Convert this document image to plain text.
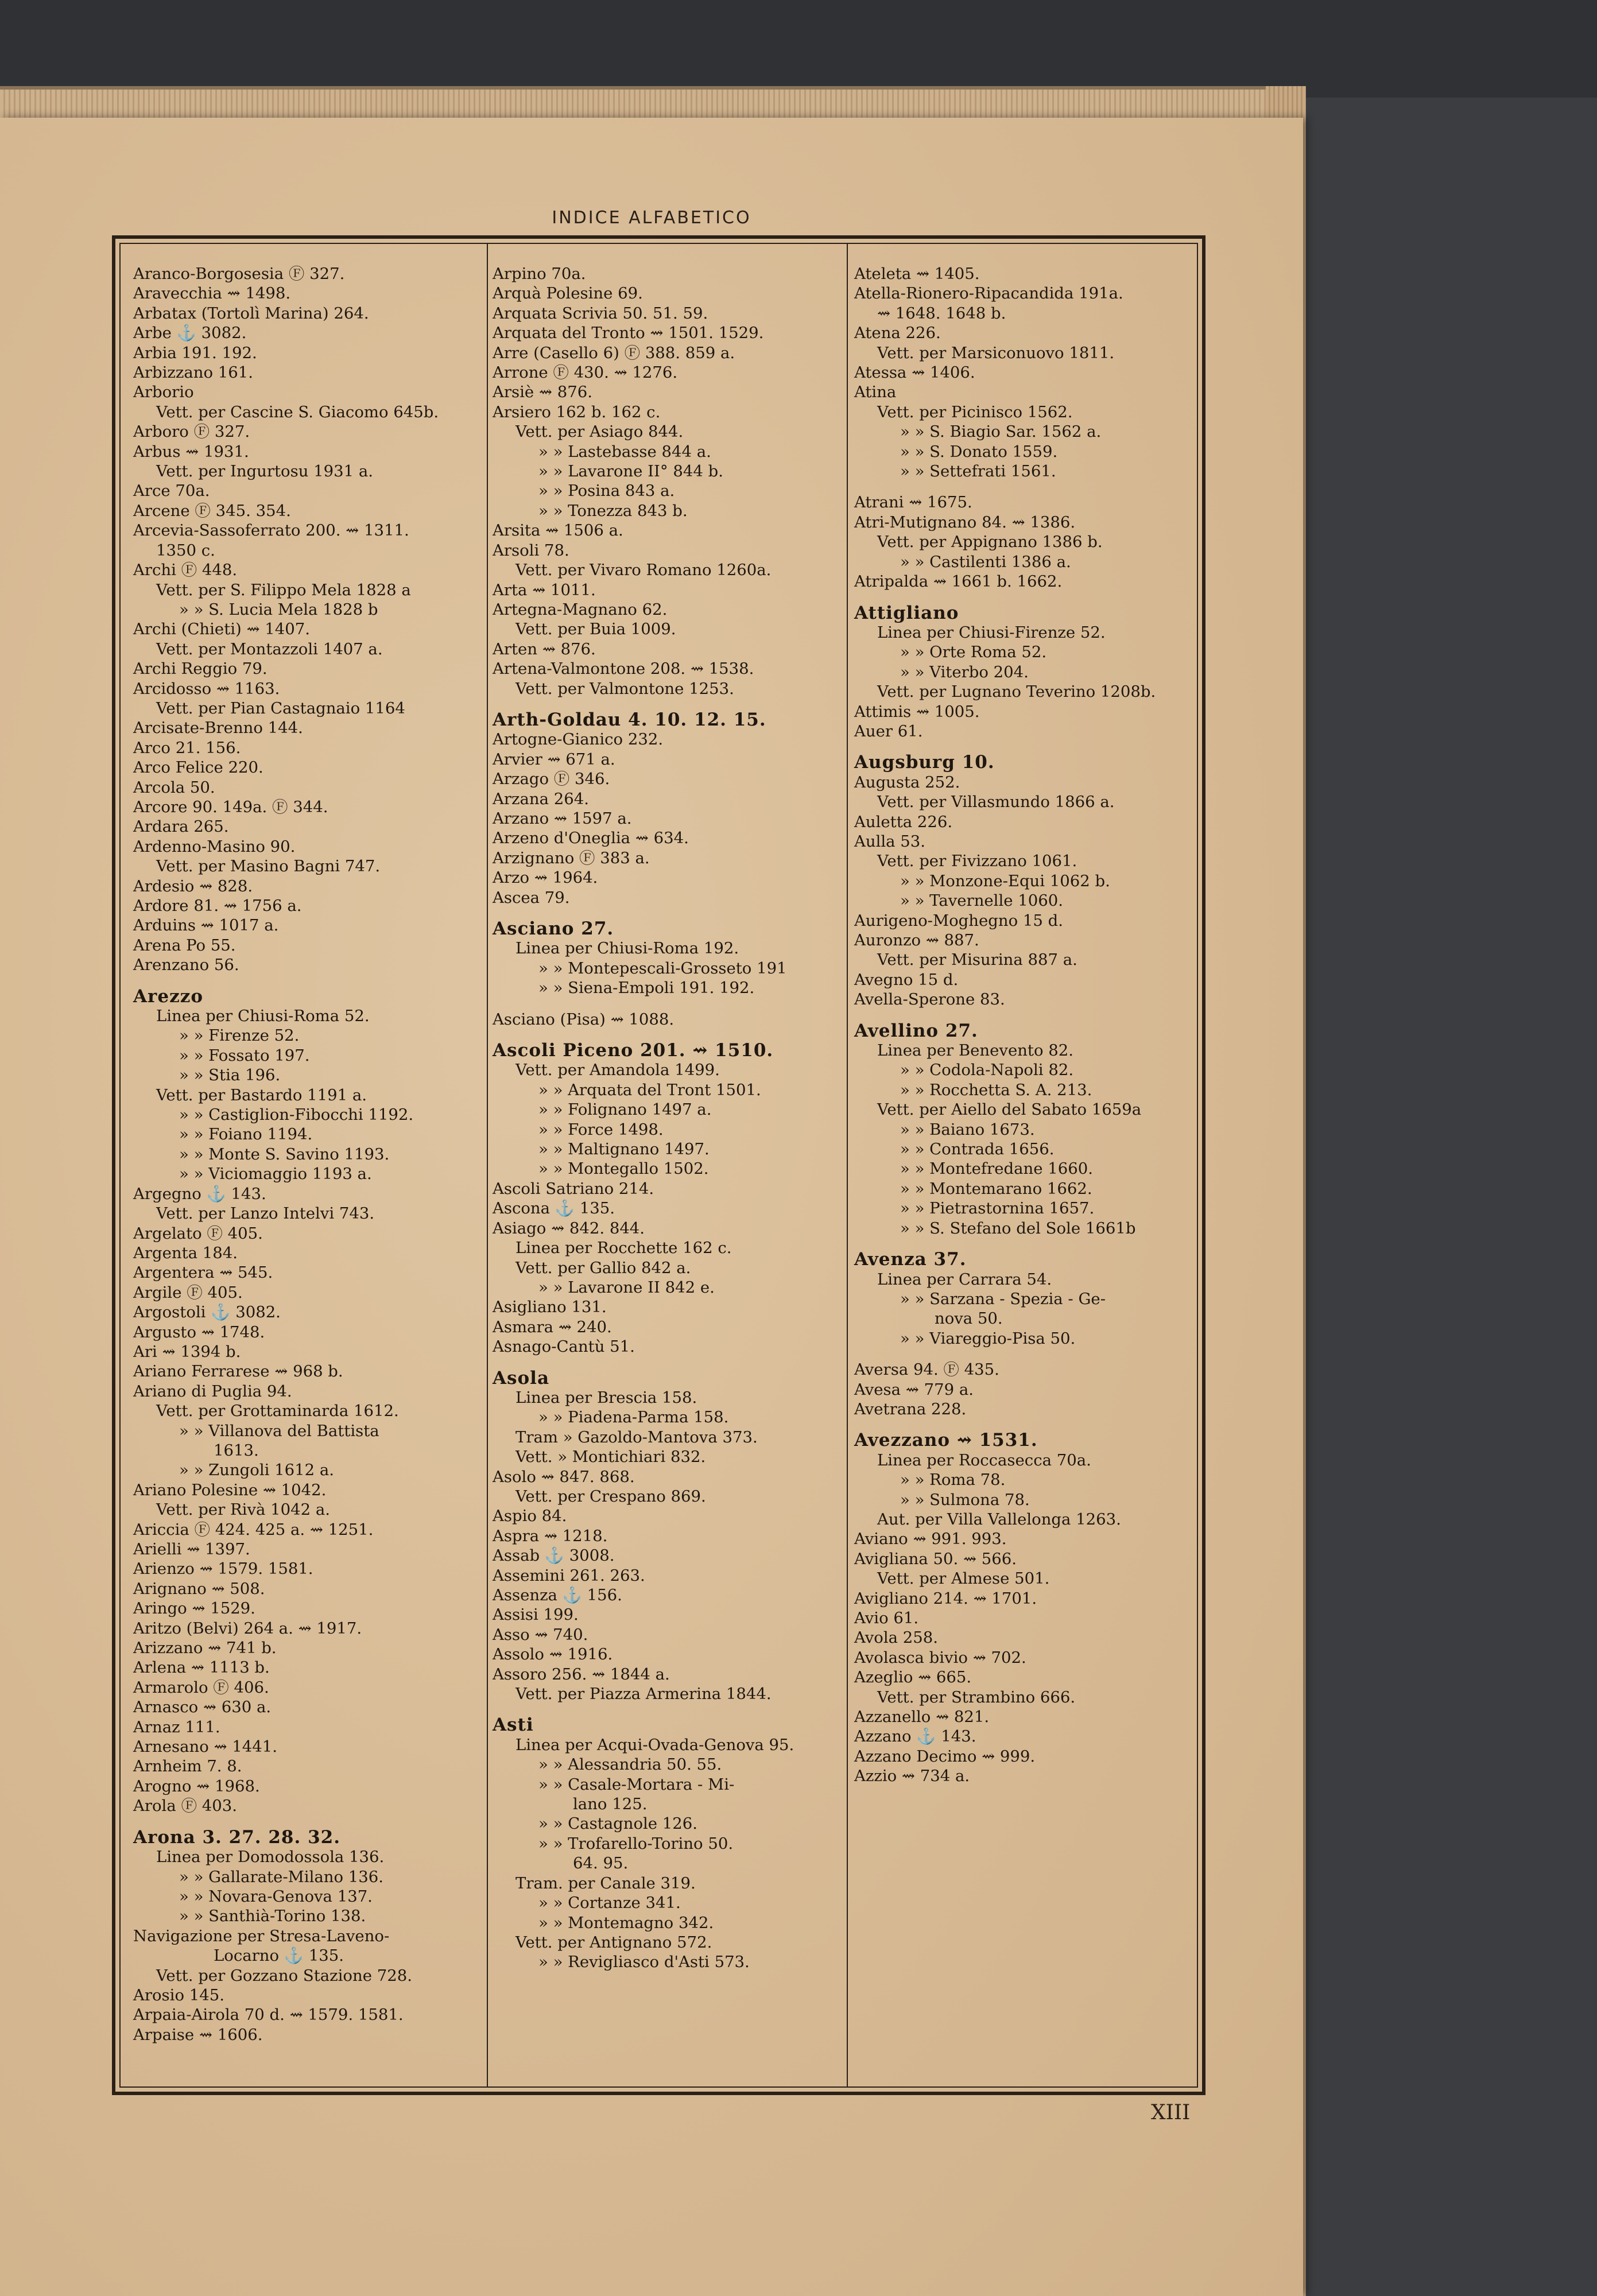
INDICE ALFABETICO
Aranco-Borgosesia Ⓕ 327.
Aravecchia ⇝ 1498.
Arbatax (Tortolì Marina) 264.
Arbe ⚓ 3082.
Arbia 191. 192.
Arbizzano 161.
Arborio
Vett. per Cascine S. Giacomo 645b.
Arboro Ⓕ 327.
Arbus ⇝ 1931.
Vett. per Ingurtosu 1931 a.
Arce 70a.
Arcene Ⓕ 345. 354.
Arcevia-Sassoferrato 200. ⇝ 1311.
1350 c.
Archi Ⓕ 448.
Vett. per S. Filippo Mela 1828 a
» » S. Lucia Mela 1828 b
Archi (Chieti) ⇝ 1407.
Vett. per Montazzoli 1407 a.
Archi Reggio 79.
Arcidosso ⇝ 1163.
Vett. per Pian Castagnaio 1164
Arcisate-Brenno 144.
Arco 21. 156.
Arco Felice 220.
Arcola 50.
Arcore 90. 149a. Ⓕ 344.
Ardara 265.
Ardenno-Masino 90.
Vett. per Masino Bagni 747.
Ardesio ⇝ 828.
Ardore 81. ⇝ 1756 a.
Arduins ⇝ 1017 a.
Arena Po 55.
Arenzano 56.
Arezzo
Linea per Chiusi-Roma 52.
» » Firenze 52.
» » Fossato 197.
» » Stia 196.
Vett. per Bastardo 1191 a.
» » Castiglion-Fibocchi 1192.
» » Foiano 1194.
» » Monte S. Savino 1193.
» » Viciomaggio 1193 a.
Argegno ⚓ 143.
Vett. per Lanzo Intelvi 743.
Argelato Ⓕ 405.
Argenta 184.
Argentera ⇝ 545.
Argile Ⓕ 405.
Argostoli ⚓ 3082.
Argusto ⇝ 1748.
Ari ⇝ 1394 b.
Ariano Ferrarese ⇝ 968 b.
Ariano di Puglia 94.
Vett. per Grottaminarda 1612.
» » Villanova del Battista
1613.
» » Zungoli 1612 a.
Ariano Polesine ⇝ 1042.
Vett. per Rivà 1042 a.
Ariccia Ⓕ 424. 425 a. ⇝ 1251.
Arielli ⇝ 1397.
Arienzo ⇝ 1579. 1581.
Arignano ⇝ 508.
Aringo ⇝ 1529.
Aritzo (Belvi) 264 a. ⇝ 1917.
Arizzano ⇝ 741 b.
Arlena ⇝ 1113 b.
Armarolo Ⓕ 406.
Arnasco ⇝ 630 a.
Arnaz 111.
Arnesano ⇝ 1441.
Arnheim 7. 8.
Arogno ⇝ 1968.
Arola Ⓕ 403.
Arona 3. 27. 28. 32.
Linea per Domodossola 136.
» » Gallarate-Milano 136.
» » Novara-Genova 137.
» » Santhià-Torino 138.
Navigazione per Stresa-Laveno-
Locarno ⚓ 135.
Vett. per Gozzano Stazione 728.
Arosio 145.
Arpaia-Airola 70 d. ⇝ 1579. 1581.
Arpaise ⇝ 1606.
Arpino 70a.
Arquà Polesine 69.
Arquata Scrivia 50. 51. 59.
Arquata del Tronto ⇝ 1501. 1529.
Arre (Casello 6) Ⓕ 388. 859 a.
Arrone Ⓕ 430. ⇝ 1276.
Arsiè ⇝ 876.
Arsiero 162 b. 162 c.
Vett. per Asiago 844.
» » Lastebasse 844 a.
» » Lavarone II° 844 b.
» » Posina 843 a.
» » Tonezza 843 b.
Arsita ⇝ 1506 a.
Arsoli 78.
Vett. per Vivaro Romano 1260a.
Arta ⇝ 1011.
Artegna-Magnano 62.
Vett. per Buia 1009.
Arten ⇝ 876.
Artena-Valmontone 208. ⇝ 1538.
Vett. per Valmontone 1253.
Arth-Goldau 4. 10. 12. 15.
Artogne-Gianico 232.
Arvier ⇝ 671 a.
Arzago Ⓕ 346.
Arzana 264.
Arzano ⇝ 1597 a.
Arzeno d'Oneglia ⇝ 634.
Arzignano Ⓕ 383 a.
Arzo ⇝ 1964.
Ascea 79.
Asciano 27.
Linea per Chiusi-Roma 192.
» » Montepescali-Grosseto 191
» » Siena-Empoli 191. 192.
Asciano (Pisa) ⇝ 1088.
Ascoli Piceno 201. ⇝ 1510.
Vett. per Amandola 1499.
» » Arquata del Tront 1501.
» » Folignano 1497 a.
» » Force 1498.
» » Maltignano 1497.
» » Montegallo 1502.
Ascoli Satriano 214.
Ascona ⚓ 135.
Asiago ⇝ 842. 844.
Linea per Rocchette 162 c.
Vett. per Gallio 842 a.
» » Lavarone II 842 e.
Asigliano 131.
Asmara ⇝ 240.
Asnago-Cantù 51.
Asola
Linea per Brescia 158.
» » Piadena-Parma 158.
Tram » Gazoldo-Mantova 373.
Vett. » Montichiari 832.
Asolo ⇝ 847. 868.
Vett. per Crespano 869.
Aspio 84.
Aspra ⇝ 1218.
Assab ⚓ 3008.
Assemini 261. 263.
Assenza ⚓ 156.
Assisi 199.
Asso ⇝ 740.
Assolo ⇝ 1916.
Assoro 256. ⇝ 1844 a.
Vett. per Piazza Armerina 1844.
Asti
Linea per Acqui-Ovada-Genova 95.
» » Alessandria 50. 55.
» » Casale-Mortara - Mi-
lano 125.
» » Castagnole 126.
» » Trofarello-Torino 50.
64. 95.
Tram. per Canale 319.
» » Cortanze 341.
» » Montemagno 342.
Vett. per Antignano 572.
» » Revigliasco d'Asti 573.
Ateleta ⇝ 1405.
Atella-Rionero-Ripacandida 191a.
⇝ 1648. 1648 b.
Atena 226.
Vett. per Marsiconuovo 1811.
Atessa ⇝ 1406.
Atina
Vett. per Picinisco 1562.
» » S. Biagio Sar. 1562 a.
» » S. Donato 1559.
» » Settefrati 1561.
Atrani ⇝ 1675.
Atri-Mutignano 84. ⇝ 1386.
Vett. per Appignano 1386 b.
» » Castilenti 1386 a.
Atripalda ⇝ 1661 b. 1662.
Attigliano
Linea per Chiusi-Firenze 52.
» » Orte Roma 52.
» » Viterbo 204.
Vett. per Lugnano Teverino 1208b.
Attimis ⇝ 1005.
Auer 61.
Augsburg 10.
Augusta 252.
Vett. per Villasmundo 1866 a.
Auletta 226.
Aulla 53.
Vett. per Fivizzano 1061.
» » Monzone-Equi 1062 b.
» » Tavernelle 1060.
Aurigeno-Moghegno 15 d.
Auronzo ⇝ 887.
Vett. per Misurina 887 a.
Avegno 15 d.
Avella-Sperone 83.
Avellino 27.
Linea per Benevento 82.
» » Codola-Napoli 82.
» » Rocchetta S. A. 213.
Vett. per Aiello del Sabato 1659a
» » Baiano 1673.
» » Contrada 1656.
» » Montefredane 1660.
» » Montemarano 1662.
» » Pietrastornina 1657.
» » S. Stefano del Sole 1661b
Avenza 37.
Linea per Carrara 54.
» » Sarzana - Spezia - Ge-
nova 50.
» » Viareggio-Pisa 50.
Aversa 94. Ⓕ 435.
Avesa ⇝ 779 a.
Avetrana 228.
Avezzano ⇝ 1531.
Linea per Roccasecca 70a.
» » Roma 78.
» » Sulmona 78.
Aut. per Villa Vallelonga 1263.
Aviano ⇝ 991. 993.
Avigliana 50. ⇝ 566.
Vett. per Almese 501.
Avigliano 214. ⇝ 1701.
Avio 61.
Avola 258.
Avolasca bivio ⇝ 702.
Azeglio ⇝ 665.
Vett. per Strambino 666.
Azzanello ⇝ 821.
Azzano ⚓ 143.
Azzano Decimo ⇝ 999.
Azzio ⇝ 734 a.
XIII
